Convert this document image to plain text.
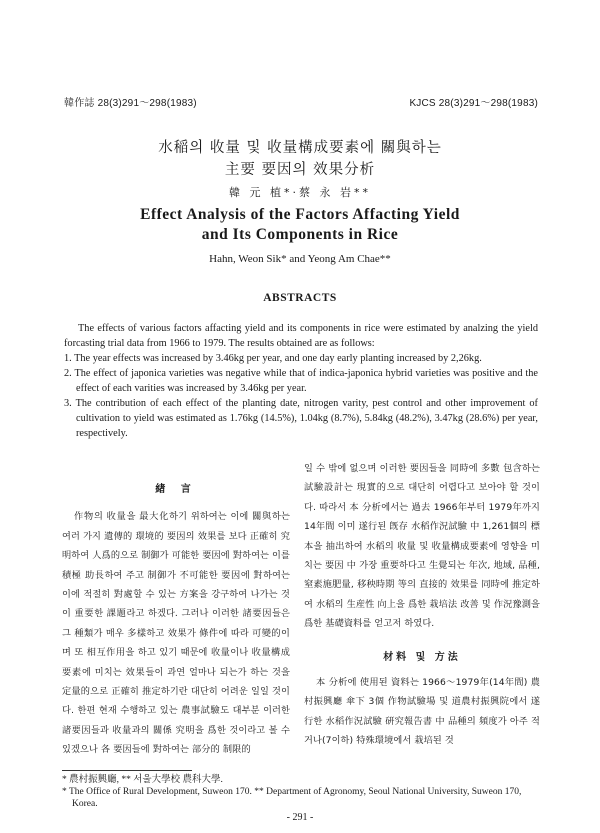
韓作誌 28(3)291～298(1983)	KJCS 28(3)291～298(1983)
水稲의 收量 및 收量構成要素에 關與하는
主要 要因의 效果分析
韓 元 植*·蔡 永 岩**
Effect Analysis of the Factors Affacting Yield
and Its Components in Rice
Hahn, Weon Sik* and Yeong Am Chae**
ABSTRACTS

The effects of various factors affacting yield and its components in rice were estimated by analzing the yield forcasting trial data from 1966 to 1979. The results obtained are as follows:

1. The year effects was increased by 3.46kg per year, and one day early planting increased by 2,26kg.

2. The effect of japonica varieties was negative while that of indica-japonica hybrid varieties was positive and the effect of each varities was increased by 3.46kg per year.

3. The contribution of each effect of the planting date, nitrogen varity, pest control and other improvement of cultivation to yield was estimated as 1.76kg (14.5%), 1.04kg (8.7%), 5.84kg (48.2%), 3.47kg (28.6%) per year, respectively.

緖 言

作物의 收量을 最大化하기 위하여는 이에 關與하는 여러 가지 遺傳的 環境的 要因의 效果를 보다 正確히 究明하여 人爲的으로 制御가 可能한 要因에 對하여는 이를 積極 助長하여 주고 制御가 不可能한 要因에 對하여는 이에 적절히 對處할 수 있는 方案을 강구하여 나가는 것이 重要한 課題라고 하겠다. 그러나 이러한 諸要因들은 그 種類가 매우 多樣하고 效果가 條件에 따라 可變的이며 또 相互作用을 하고 있기 때문에 收量이나 收量構成要素에 미치는 效果들이 과연 얼마나 되는가 하는 것을 定量的으로 正確히 推定하기란 대단히 어려운 일일 것이다. 한편 현재 수행하고 있는 農事試驗도 대부분 이러한 諸要因들과 收量과의 關係 究明을 爲한 것이라고 볼 수 있겠으나 各 要因들에 對하여는 部分的 制限的

일 수 밖에 없으며 이러한 要因들을 同時에 多數 包含하는 試驗設計는 現實的으로 대단히 어렵다고 보아야 할 것이다. 따라서 本 分析에서는 過去 1966年부터 1979年까지 14年間 이미 遂行된 旣存 水稻作況試驗 中 1,261個의 標本을 抽出하여 水稻의 收量 및 收量構成要素에 영향을 미치는 要因 中 가장 重要하다고 生覺되는 年次, 地域, 品種, 窒素施肥量, 移秧時期 等의 直接的 效果를 同時에 推定하여 水稻의 生産性 向上을 爲한 栽培法 改善 및 作況豫測을 爲한 基礎資料를 얻고저 하였다.

材料 및 方法

本 分析에 使用된 資料는 1966～1979年(14年間) 農村振興廳 傘下 3個 作物試驗場 및 道農村振興院에서 遂行한 水稻作況試驗 硏究報告書 中 品種의 頻度가 아주 적거나(7이하) 特殊環境에서 栽培된 것

* 農村振興廳, ** 서울大學校 農科大學.

* The Office of Rural Development, Suweon 170. ** Department of Agronomy, Seoul National University, Suweon 170, Korea.

- 291 -
